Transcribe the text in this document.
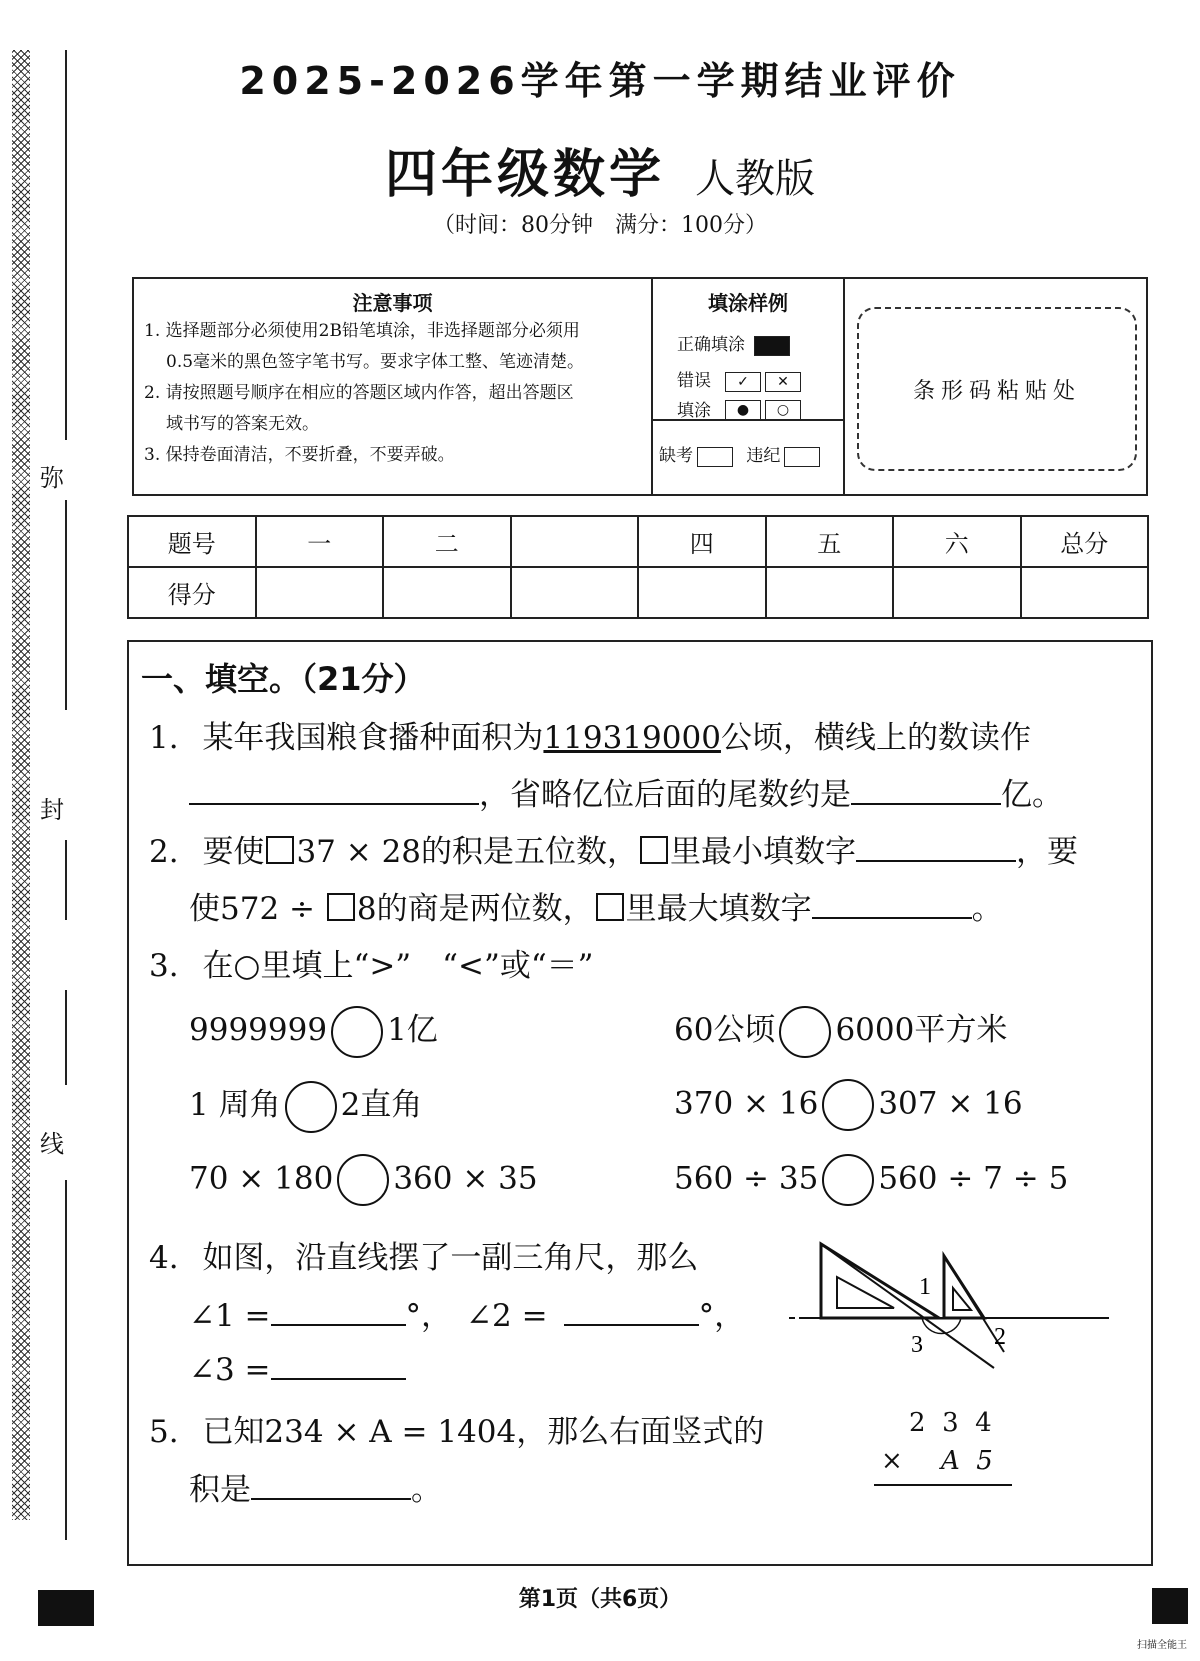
弥
封
线
2025-2026学年第一学期结业评价
四年级数学 人教版
（时间：80分钟　满分：100分）
注意事项
1. 选择题部分必须使用2B铅笔填涂，非选择题部分必须用
0.5毫米的黑色签字笔书写。要求字体工整、笔迹清楚。
2. 请按照题号顺序在相应的答题区域内作答，超出答题区
域书写的答案无效。
3. 保持卷面清洁，不要折叠，不要弄破。
填涂样例
正确填涂
错误
填涂
✓ ✕
● ○
缺考	违纪
条形码粘贴处
题号	一	二		四	五	六	总分
得分							
一、填空。（21分）
1. 某年我国粮食播种面积为119319000公顷，横线上的数读作
，省略亿位后面的尾数约是	亿。
2. 要使 37 × 28的积是五位数， 里最小填数字	，要
使572 ÷ 8的商是两位数， 里最大填数字	。
3. 在○里填上“>”　“<”或“＝”
9999999 1亿	60公顷 6000平方米
1 周角 2直角	370 × 16 307 × 16
70 × 180 360 × 35	560 ÷ 35 560 ÷ 7 ÷ 5
4. 如图，沿直线摆了一副三角尺，那么
∠1 =	°， ∠2 =	°，
∠3 =
1
2
3
5. 已知234 × A = 1404，那么右面竖式的
积是	。
2  3  4
× A  5
第1页（共6页）
扫描全能王
